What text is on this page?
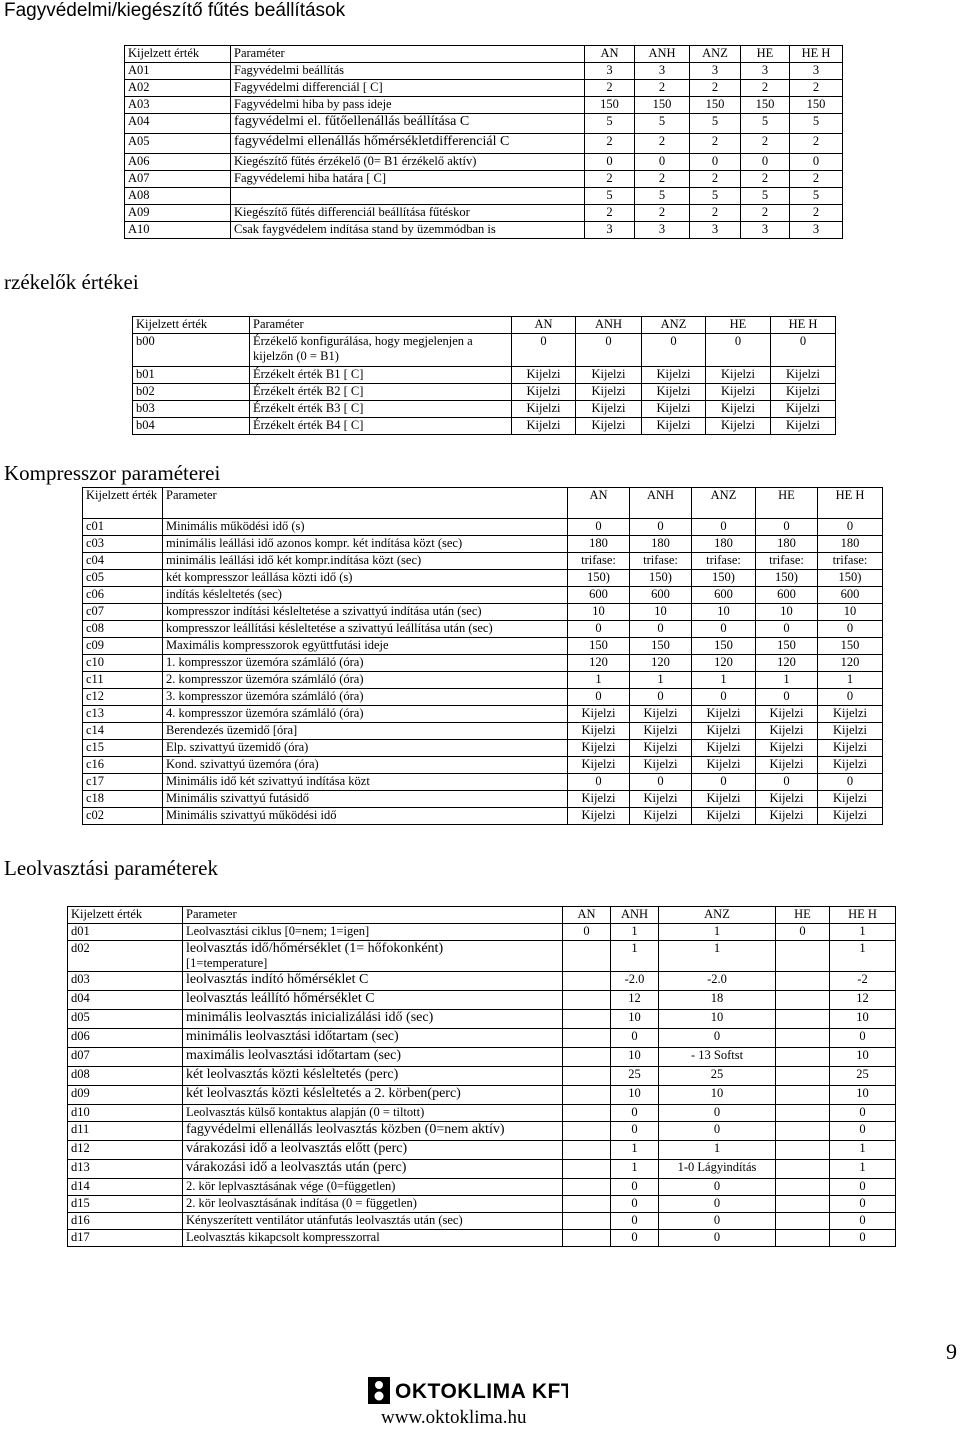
Fagyvédelmi/kiegészítő fűtés beállítások
Kijelzett érték	Paraméter	AN	ANH	ANZ	HE	HE H
A01	Fagyvédelmi beállítás	3	3	3	3	3
A02	Fagyvédelmi differenciál [ C]	2	2	2	2	2
A03	Fagyvédelmi hiba by pass ideje	150	150	150	150	150
A04	fagyvédelmi el. fűtőellenállás beállítása C	5	5	5	5	5
A05	fagyvédelmi ellenállás hőmérsékletdifferenciál C	2	2	2	2	2
A06	Kiegészítő fűtés érzékelő (0= B1 érzékelő aktív)	0	0	0	0	0
A07	Fagyvédelemi hiba határa [ C]	2	2	2	2	2
A08		5	5	5	5	5
A09	Kiegészítő fűtés differenciál beállítása fűtéskor	2	2	2	2	2
A10	Csak faygvédelem indítása stand by üzemmódban is	3	3	3	3	3
rzékelők értékei
Kijelzett érték	Paraméter	AN	ANH	ANZ	HE	HE H
b00	Érzékelő konfigurálása, hogy megjelenjen a kijelzőn (0 = B1)	0	0	0	0	0
b01	Érzékelt érték B1 [ C]	Kijelzi	Kijelzi	Kijelzi	Kijelzi	Kijelzi
b02	Érzékelt érték B2 [ C]	Kijelzi	Kijelzi	Kijelzi	Kijelzi	Kijelzi
b03	Érzékelt érték B3 [ C]	Kijelzi	Kijelzi	Kijelzi	Kijelzi	Kijelzi
b04	Érzékelt érték B4 [ C]	Kijelzi	Kijelzi	Kijelzi	Kijelzi	Kijelzi
Kompresszor paraméterei
Kijelzett érték	Parameter	AN	ANH	ANZ	HE	HE H
c01	Minimális működési idő (s)	0	0	0	0	0
c03	minimális leállási idő azonos kompr. két indítása közt (sec)	180	180	180	180	180
c04	minimális leállási idő két kompr.indítása közt (sec)	trifase:	trifase:	trifase:	trifase:	trifase:
c05	két kompresszor leállása közti idő (s)	150)	150)	150)	150)	150)
c06	indítás késleltetés (sec)	600	600	600	600	600
c07	kompresszor indítási késleltetése a szivattyú indítása után (sec)	10	10	10	10	10
c08	kompresszor leállítási késleltetése a szivattyú leállítása után (sec)	0	0	0	0	0
c09	Maximális kompresszorok együttfutási ideje	150	150	150	150	150
c10	1. kompresszor üzemóra számláló (óra)	120	120	120	120	120
c11	2. kompresszor üzemóra számláló (óra)	1	1	1	1	1
c12	3. kompresszor üzemóra számláló (óra)	0	0	0	0	0
c13	4. kompresszor üzemóra számláló (óra)	Kijelzi	Kijelzi	Kijelzi	Kijelzi	Kijelzi
c14	Berendezés üzemidő [óra]	Kijelzi	Kijelzi	Kijelzi	Kijelzi	Kijelzi
c15	Elp. szivattyú üzemidő (óra)	Kijelzi	Kijelzi	Kijelzi	Kijelzi	Kijelzi
c16	Kond. szivattyú üzemóra (óra)	Kijelzi	Kijelzi	Kijelzi	Kijelzi	Kijelzi
c17	Minimális idő két szivattyú indítása közt	0	0	0	0	0
c18	Minimális szivattyú futásidő	Kijelzi	Kijelzi	Kijelzi	Kijelzi	Kijelzi
c02	Minimális szivattyú működési idő	Kijelzi	Kijelzi	Kijelzi	Kijelzi	Kijelzi
Leolvasztási paraméterek
Kijelzett érték	Parameter	AN	ANH	ANZ	HE	HE H
d01	Leolvasztási ciklus [0=nem; 1=igen]	0	1	1	0	1
d02	leolvasztás idő/hőmérséklet (1= hőfokonként)
[1=temperature]		1	1		1
d03	leolvasztás indító hőmérséklet C		-2.0	-2.0		-2
d04	leolvasztás leállító hőmérséklet C		12	18		12
d05	minimális leolvasztás inicializálási idő (sec)		10	10		10
d06	minimális leolvasztási időtartam (sec)		0	0		0
d07	maximális leolvasztási időtartam (sec)		10	- 13 Softst		10
d08	két leolvasztás közti késleltetés (perc)		25	25		25
d09	két leolvasztás közti késleltetés a 2. körben(perc)		10	10		10
d10	Leolvasztás külső kontaktus alapján (0 = tiltott)		0	0		0
d11	fagyvédelmi ellenállás leolvasztás közben (0=nem aktív)		0	0		0
d12	várakozási idő a leolvasztás előtt (perc)		1	1		1
d13	várakozási idő a leolvasztás után (perc)		1	1-0 Lágyindítás		1
d14	2. kör leplvasztásának vége (0=független)		0	0		0
d15	2. kör leolvasztásának indítása (0 = független)		0	0		0
d16	Kényszerített ventilátor utánfutás leolvasztás után (sec)		0	0		0
d17	Leolvasztás kikapcsolt kompresszorral		0	0		0
9
OKTOKLIMA KFT.
www.oktoklima.hu
